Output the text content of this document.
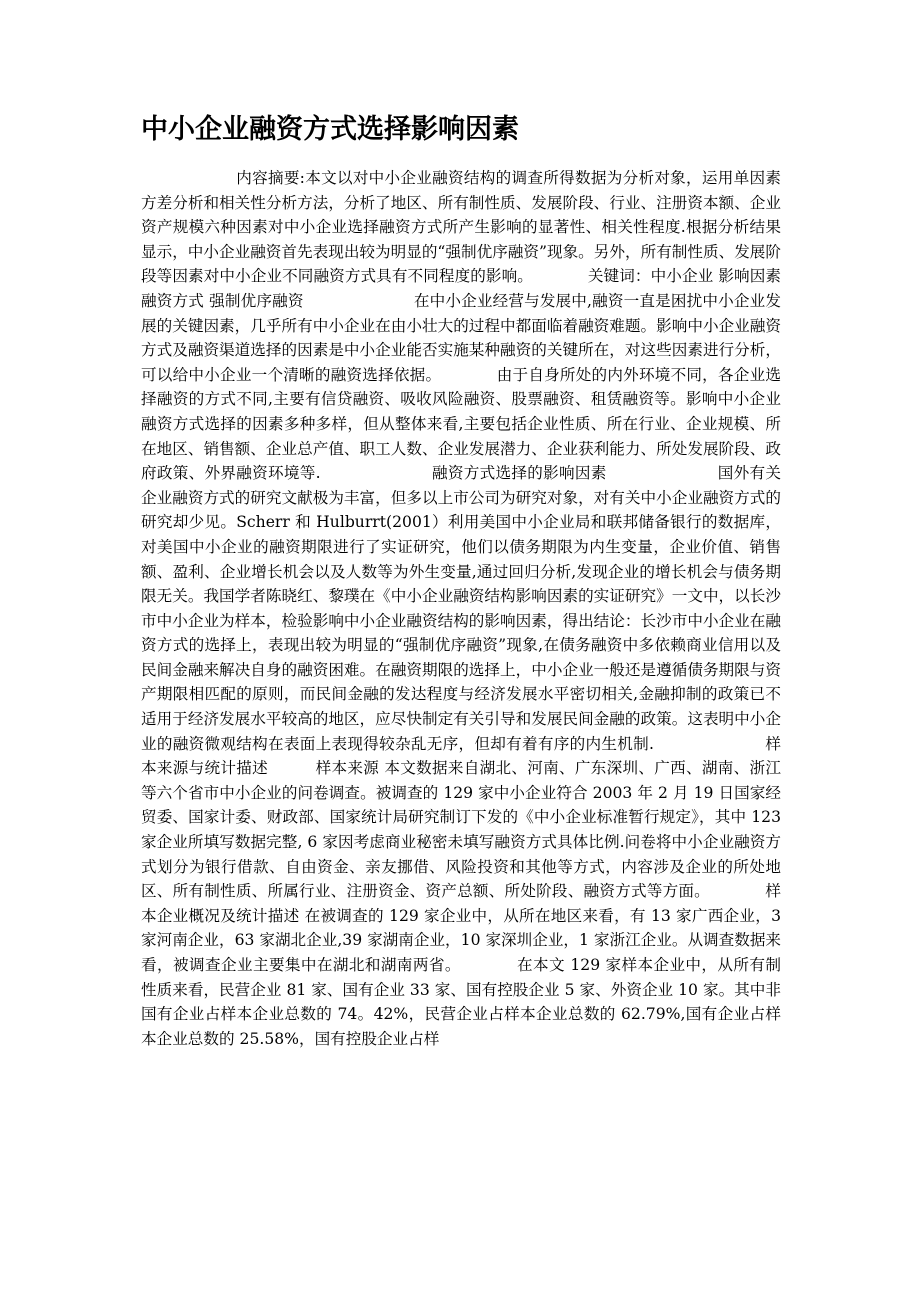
中小企业融资方式选择影响因素

　　　　　　内容摘要:本文以对中小企业融资结构的调查所得数据为分析对象，运用单因素方差分析和相关性分析方法，分析了地区、所有制性质、发展阶段、行业、注册资本额、企业资产规模六种因素对中小企业选择融资方式所产生影响的显著性、相关性程度.根据分析结果显示，中小企业融资首先表现出较为明显的“强制优序融资”现象。另外，所有制性质、发展阶段等因素对中小企业不同融资方式具有不同程度的影响。　　　　关键词：中小企业 影响因素 融资方式 强制优序融资　　　　　　　在中小企业经营与发展中,融资一直是困扰中小企业发展的关键因素，几乎所有中小企业在由小壮大的过程中都面临着融资难题。影响中小企业融资方式及融资渠道选择的因素是中小企业能否实施某种融资的关键所在，对这些因素进行分析，可以给中小企业一个清晰的融资选择依据。　　　　由于自身所处的内外环境不同，各企业选择融资的方式不同,主要有信贷融资、吸收风险融资、股票融资、租赁融资等。影响中小企业融资方式选择的因素多种多样，但从整体来看,主要包括企业性质、所在行业、企业规模、所在地区、销售额、企业总产值、职工人数、企业发展潜力、企业获利能力、所处发展阶段、政府政策、外界融资环境等.　　　　　　　融资方式选择的影响因素　　　　　　　国外有关企业融资方式的研究文献极为丰富，但多以上市公司为研究对象，对有关中小企业融资方式的研究却少见。Scherr 和 Hulburrt(2001）利用美国中小企业局和联邦储备银行的数据库，对美国中小企业的融资期限进行了实证研究，他们以债务期限为内生变量，企业价值、销售额、盈利、企业增长机会以及人数等为外生变量,通过回归分析,发现企业的增长机会与债务期限无关。我国学者陈晓红、黎璞在《中小企业融资结构影响因素的实证研究》一文中，以长沙市中小企业为样本，检验影响中小企业融资结构的影响因素，得出结论：长沙市中小企业在融资方式的选择上，表现出较为明显的“强制优序融资”现象,在债务融资中多依赖商业信用以及民间金融来解决自身的融资困难。在融资期限的选择上，中小企业一般还是遵循债务期限与资产期限相匹配的原则，而民间金融的发达程度与经济发展水平密切相关,金融抑制的政策已不适用于经济发展水平较高的地区，应尽快制定有关引导和发展民间金融的政策。这表明中小企业的融资微观结构在表面上表现得较杂乱无序，但却有着有序的内生机制.　　　　　　　样本来源与统计描述　　　样本来源 本文数据来自湖北、河南、广东深圳、广西、湖南、浙江等六个省市中小企业的问卷调查。被调查的 129 家中小企业符合 2003 年 2 月 19 日国家经贸委、国家计委、财政部、国家统计局研究制订下发的《中小企业标准暂行规定》，其中 123 家企业所填写数据完整, 6 家因考虑商业秘密未填写融资方式具体比例.问卷将中小企业融资方式划分为银行借款、自由资金、亲友挪借、风险投资和其他等方式，内容涉及企业的所处地区、所有制性质、所属行业、注册资金、资产总额、所处阶段、融资方式等方面。　　　　样本企业概况及统计描述 在被调查的 129 家企业中，从所在地区来看，有 13 家广西企业，3 家河南企业，63 家湖北企业,39 家湖南企业，10 家深圳企业，1 家浙江企业。从调查数据来看，被调查企业主要集中在湖北和湖南两省。　　　　在本文 129 家样本企业中，从所有制性质来看，民营企业 81 家、国有企业 33 家、国有控股企业 5 家、外资企业 10 家。其中非国有企业占样本企业总数的 74。42%，民营企业占样本企业总数的 62.79%,国有企业占样本企业总数的 25.58%，国有控股企业占样
